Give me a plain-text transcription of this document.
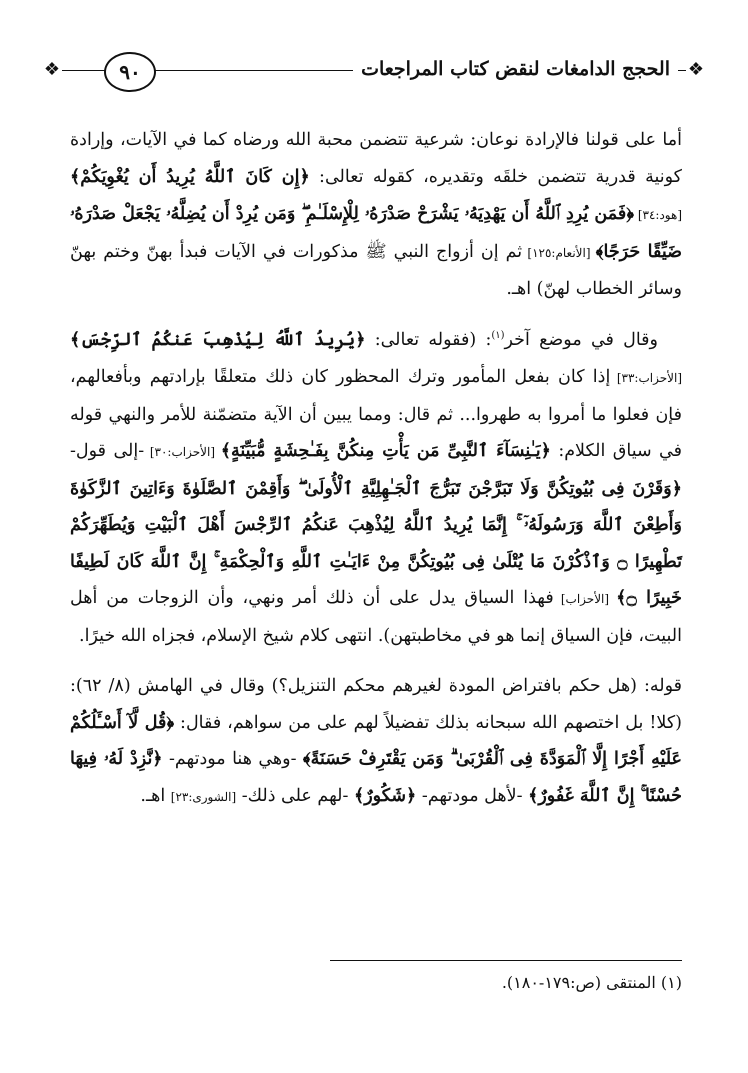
❖	❖
٩٠	الحجج الدامغات لنقض كتاب المراجعات

أما على قولنا فالإرادة نوعان: شرعية تتضمن محبة الله ورضاه كما في الآيات، وإرادة كونية قدرية تتضمن خلقَه وتقديره، كقوله تعالى: ﴿إِن كَانَ ٱللَّهُ يُرِيدُ أَن يُغْوِيَكُمْ﴾ [هود:٣٤] ﴿فَمَن يُرِدِ ٱللَّهُ أَن يَهْدِيَهُۥ يَشْرَحْ صَدْرَهُۥ لِلْإِسْلَـٰمِ ۖ وَمَن يُرِدْ أَن يُضِلَّهُۥ يَجْعَلْ صَدْرَهُۥ ضَيِّقًا حَرَجًا﴾ [الأنعام:١٢٥] ثم إن أزواج النبي ﷺ مذكورات في الآيات فبدأ بهنّ وختم بهنّ وسائر الخطاب لهنّ) اهـ.

وقال في موضع آخر$^{(١)}$: (فقوله تعالى: ﴿يُرِيدُ ٱللَّهُ لِيُذْهِبَ عَنكُمُ ٱلرِّجْسَ﴾ [الأحزاب:٣٣] إذا كان بفعل المأمور وترك المحظور كان ذلك متعلقًا بإرادتهم وبأفعالهم، فإن فعلوا ما أمروا به طهروا... ثم قال: ومما يبين أن الآية متضمّنة للأمر والنهي قوله في سياق الكلام: ﴿يَـٰنِسَآءَ ٱلنَّبِىِّ مَن يَأْتِ مِنكُنَّ بِفَـٰحِشَةٍ مُّبَيِّنَةٍ﴾ [الأحزاب:٣٠] -إلى قول- ﴿وَقَرْنَ فِى بُيُوتِكُنَّ وَلَا تَبَرَّجْنَ تَبَرُّجَ ٱلْجَـٰهِلِيَّةِ ٱلْأُولَىٰ ۖ وَأَقِمْنَ ٱلصَّلَوٰةَ وَءَاتِينَ ٱلزَّكَوٰةَ وَأَطِعْنَ ٱللَّهَ وَرَسُولَهُۥٓ ۚ إِنَّمَا يُرِيدُ ٱللَّهُ لِيُذْهِبَ عَنكُمُ ٱلرِّجْسَ أَهْلَ ٱلْبَيْتِ وَيُطَهِّرَكُمْ تَطْهِيرًا ۝ وَٱذْكُرْنَ مَا يُتْلَىٰ فِى بُيُوتِكُنَّ مِنْ ءَايَـٰتِ ٱللَّهِ وَٱلْحِكْمَةِ ۚ إِنَّ ٱللَّهَ كَانَ لَطِيفًا خَبِيرًا ۝﴾ [الأحزاب] فهذا السياق يدل على أن ذلك أمر ونهي، وأن الزوجات من أهل البيت، فإن السياق إنما هو في مخاطبتهن). انتهى كلام شيخ الإسلام، فجزاه الله خيرًا.

قوله: (هل حكم بافتراض المودة لغيرهم محكم التنزيل؟) وقال في الهامش (٨/ ٦٢): (كلا! بل اختصهم الله سبحانه بذلك تفضيلاً لهم على من سواهم، فقال: ﴿قُل لَّآ أَسْـَٔلُكُمْ عَلَيْهِ أَجْرًا إِلَّا ٱلْمَوَدَّةَ فِى ٱلْقُرْبَىٰ ۗ وَمَن يَقْتَرِفْ حَسَنَةً﴾ -وهي هنا مودتهم- ﴿نَّزِدْ لَهُۥ فِيهَا حُسْنًا ۚ إِنَّ ٱللَّهَ غَفُورٌ﴾ -لأهل مودتهم- ﴿شَكُورٌ﴾ -لهم على ذلك- [الشورى:٢٣] اهـ.

(١) المنتقى (ص:١٧٩-١٨٠).
